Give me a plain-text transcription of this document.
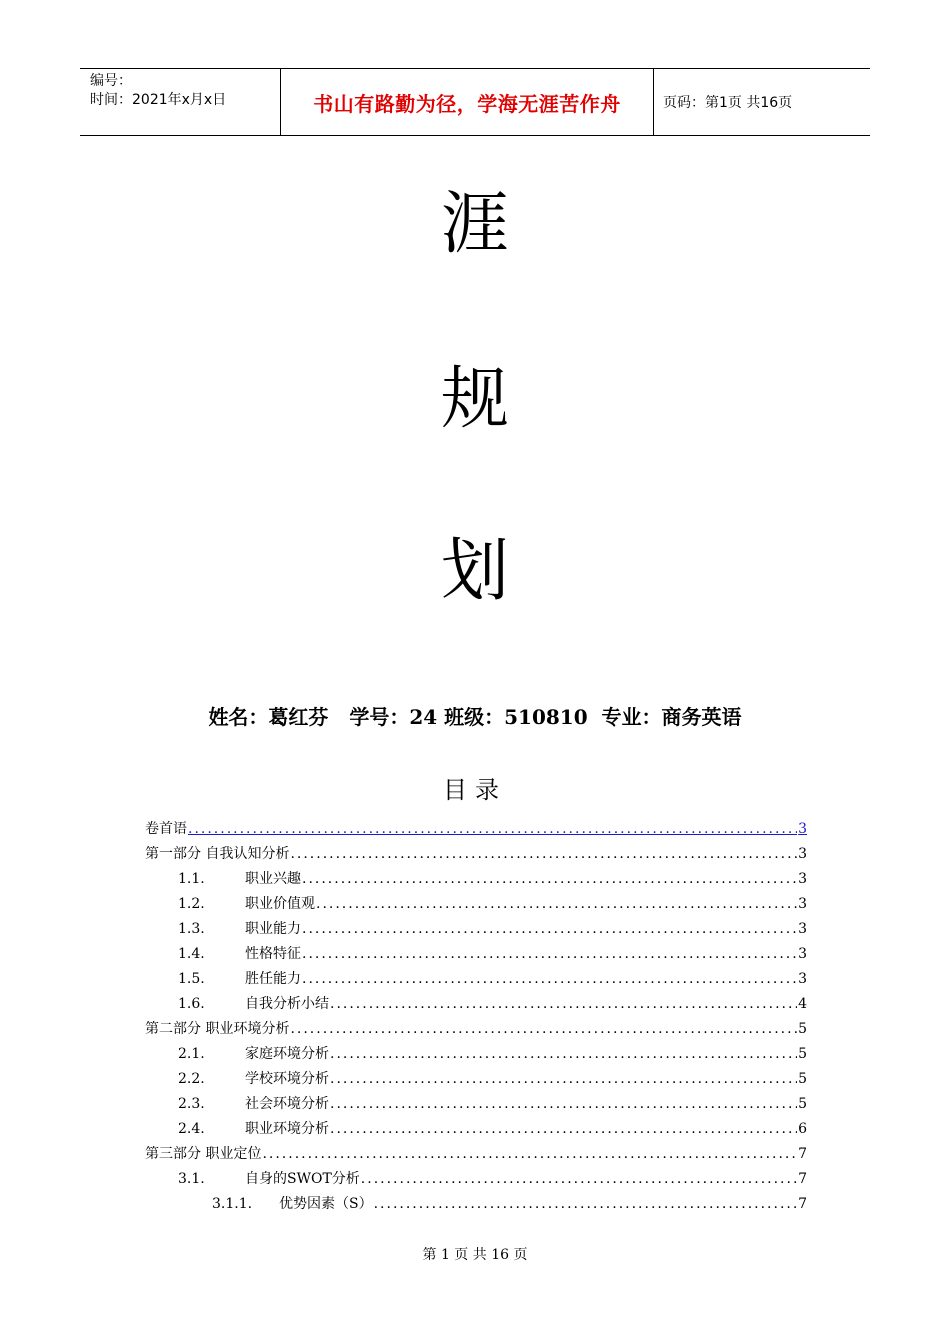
编号：
时间：2021年x月x日	书山有路勤为径，学海无涯苦作舟	页码：第1页 共16页
涯
规
划
姓名：葛红芬   学号：24 班级：510810  专业：商务英语
目录
卷首语 .....	3
第一部分 自我认知分析 .....	3
1.1.	职业兴趣 .....	3
1.2.	职业价值观 .....	3
1.3.	职业能力 .....	3
1.4.	性格特征 .....	3
1.5.	胜任能力 .....	3
1.6.	自我分析小结 .....	4
第二部分 职业环境分析 .....	5
2.1.	家庭环境分析 .....	5
2.2.	学校环境分析 .....	5
2.3.	社会环境分析 .....	5
2.4.	职业环境分析 .....	6
第三部分 职业定位 .....	7
3.1.	自身的SWOT分析 .....	7
3.1.1.	优势因素（S） .....	7
第 1 页 共 16 页
